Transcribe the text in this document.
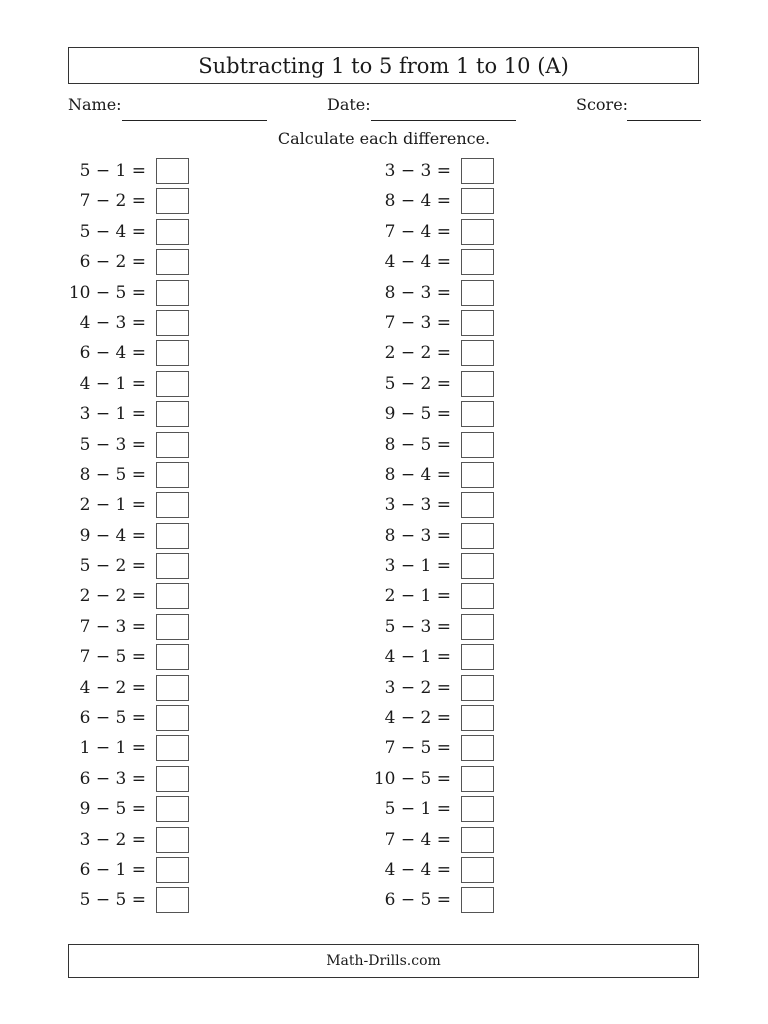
Subtracting 1 to 5 from 1 to 10 (A)
Name:	Date:	Score:
Calculate each difference.
5 − 1 =
7 − 2 =
5 − 4 =
6 − 2 =
10 − 5 =
4 − 3 =
6 − 4 =
4 − 1 =
3 − 1 =
5 − 3 =
8 − 5 =
2 − 1 =
9 − 4 =
5 − 2 =
2 − 2 =
7 − 3 =
7 − 5 =
4 − 2 =
6 − 5 =
1 − 1 =
6 − 3 =
9 − 5 =
3 − 2 =
6 − 1 =
5 − 5 =
3 − 3 =
8 − 4 =
7 − 4 =
4 − 4 =
8 − 3 =
7 − 3 =
2 − 2 =
5 − 2 =
9 − 5 =
8 − 5 =
8 − 4 =
3 − 3 =
8 − 3 =
3 − 1 =
2 − 1 =
5 − 3 =
4 − 1 =
3 − 2 =
4 − 2 =
7 − 5 =
10 − 5 =
5 − 1 =
7 − 4 =
4 − 4 =
6 − 5 =
Math-Drills.com
